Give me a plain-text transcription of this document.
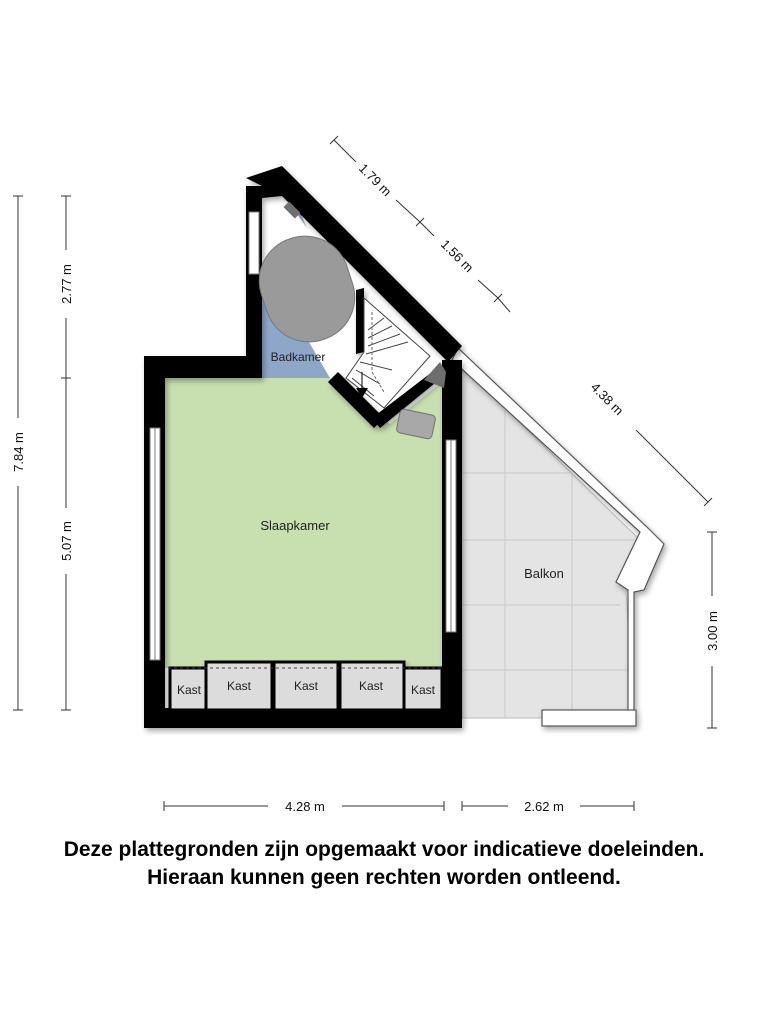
Badkamer
Slaapkamer
Balkon
Kast Kast	Kast	Kast Kast
7.84 m
2.77 m
5.07 m
1.79 m
1.56 m
4.38 m
3.00 m
4.28 m	2.62 m
Deze plattegronden zijn opgemaakt voor indicatieve doeleinden.
Hieraan kunnen geen rechten worden ontleend.
